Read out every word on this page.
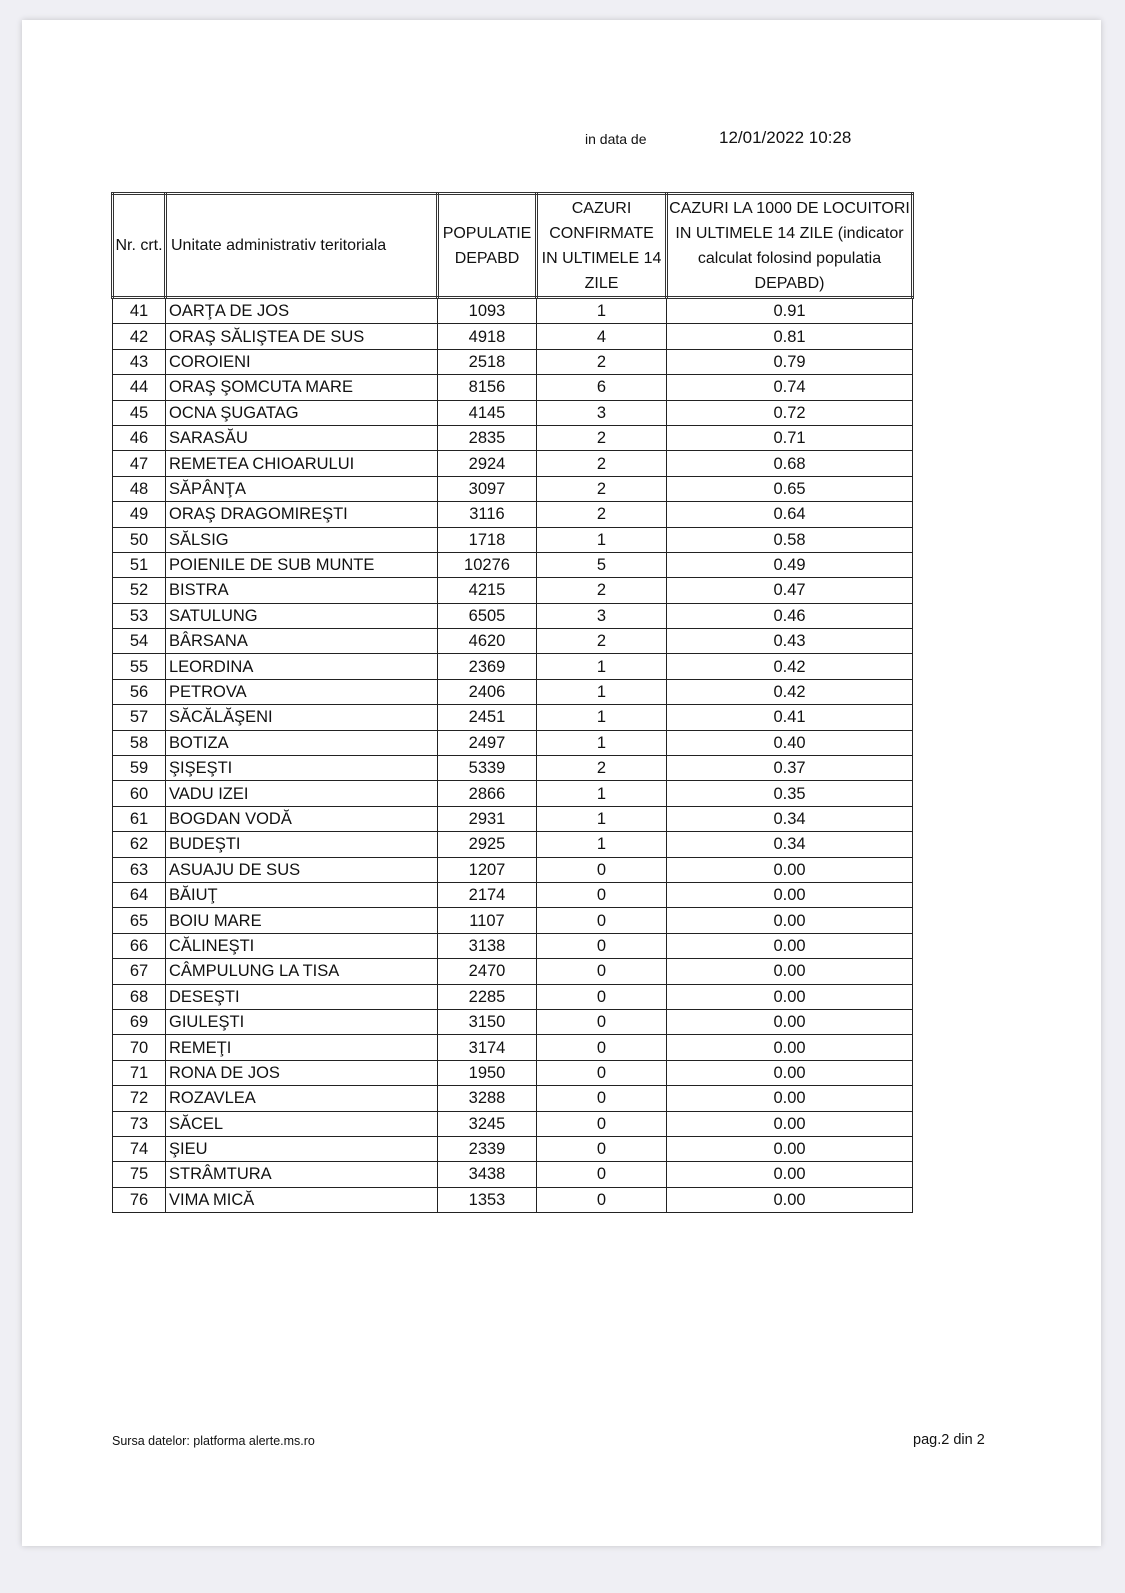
in data de	12/01/2022 10:28
Nr. crt.	Unitate administrativ teritoriala	POPULATIE DEPABD	CAZURI CONFIRMATE IN ULTIMELE 14 ZILE	CAZURI LA 1000 DE LOCUITORI IN ULTIMELE 14 ZILE (indicator calculat folosind populatia DEPABD)
41	OARŢA DE JOS	1093	1	0.91
42	ORAŞ SĂLIŞTEA DE SUS	4918	4	0.81
43	COROIENI	2518	2	0.79
44	ORAŞ ŞOMCUTA MARE	8156	6	0.74
45	OCNA ŞUGATAG	4145	3	0.72
46	SARASĂU	2835	2	0.71
47	REMETEA CHIOARULUI	2924	2	0.68
48	SĂPÂNŢA	3097	2	0.65
49	ORAŞ DRAGOMIREŞTI	3116	2	0.64
50	SĂLSIG	1718	1	0.58
51	POIENILE DE SUB MUNTE	10276	5	0.49
52	BISTRA	4215	2	0.47
53	SATULUNG	6505	3	0.46
54	BÂRSANA	4620	2	0.43
55	LEORDINA	2369	1	0.42
56	PETROVA	2406	1	0.42
57	SĂCĂLĂŞENI	2451	1	0.41
58	BOTIZA	2497	1	0.40
59	ŞIŞEŞTI	5339	2	0.37
60	VADU IZEI	2866	1	0.35
61	BOGDAN VODĂ	2931	1	0.34
62	BUDEŞTI	2925	1	0.34
63	ASUAJU DE SUS	1207	0	0.00
64	BĂIUŢ	2174	0	0.00
65	BOIU MARE	1107	0	0.00
66	CĂLINEŞTI	3138	0	0.00
67	CÂMPULUNG LA TISA	2470	0	0.00
68	DESEŞTI	2285	0	0.00
69	GIULEŞTI	3150	0	0.00
70	REMEŢI	3174	0	0.00
71	RONA DE JOS	1950	0	0.00
72	ROZAVLEA	3288	0	0.00
73	SĂCEL	3245	0	0.00
74	ŞIEU	2339	0	0.00
75	STRÂMTURA	3438	0	0.00
76	VIMA MICĂ	1353	0	0.00
Sursa datelor: platforma alerte.ms.ro	pag.2 din 2
